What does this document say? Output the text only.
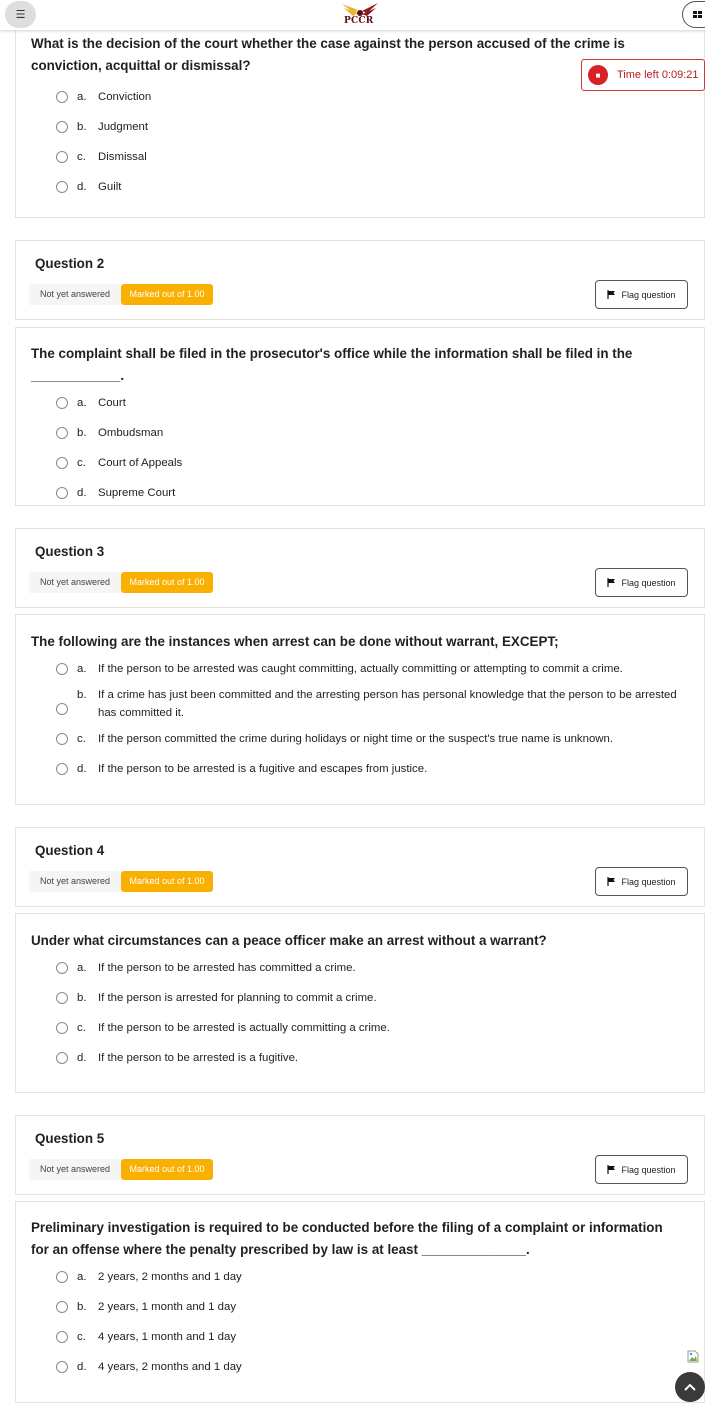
☰	PCCR
■	Time left 0:09:21
What is the decision of the court whether the case against the person accused of the crime is conviction, acquittal or dismissal?
a.	Conviction
b.	Judgment
c.	Dismissal
d.	Guilt
Question 2
Not yet answered	Marked out of 1.00	Flag question
The complaint shall be filed in the prosecutor's office while the information shall be filed in the ____________.
a.	Court
b.	Ombudsman
c.	Court of Appeals
d.	Supreme Court
Question 3
Not yet answered	Marked out of 1.00	Flag question
The following are the instances when arrest can be done without warrant, EXCEPT;
a.	If the person to be arrested was caught committing, actually committing or attempting to commit a crime.
b.	If a crime has just been committed and the arresting person has personal knowledge that the person to be arrested has committed it.
c.	If the person committed the crime during holidays or night time or the suspect's true name is unknown.
d.	If the person to be arrested is a fugitive and escapes from justice.
Question 4
Not yet answered	Marked out of 1.00	Flag question
Under what circumstances can a peace officer make an arrest without a warrant?
a.	If the person to be arrested has committed a crime.
b.	If the person is arrested for planning to commit a crime.
c.	If the person to be arrested is actually committing a crime.
d.	If the person to be arrested is a fugitive.
Question 5
Not yet answered	Marked out of 1.00	Flag question
Preliminary investigation is required to be conducted before the filing of a complaint or information for an offense where the penalty prescribed by law is at least ______________.
a.	2 years, 2 months and 1 day
b.	2 years, 1 month and 1 day
c.	4 years, 1 month and 1 day
d.	4 years, 2 months and 1 day
